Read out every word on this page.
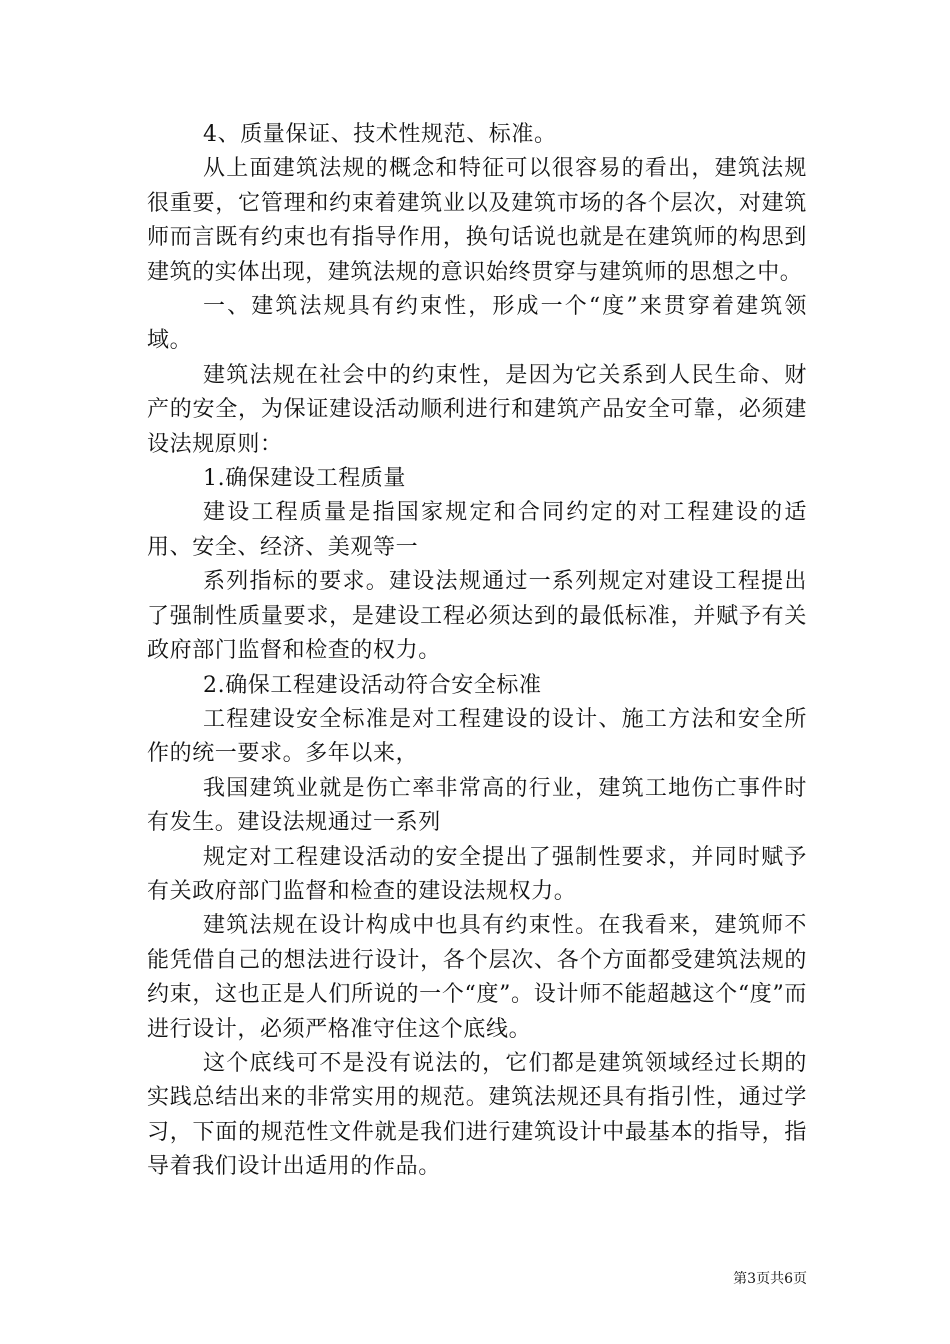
4、质量保证、技术性规范、标准。

从上面建筑法规的概念和特征可以很容易的看出，建筑法规很重要，它管理和约束着建筑业以及建筑市场的各个层次，对建筑师而言既有约束也有指导作用，换句话说也就是在建筑师的构思到建筑的实体出现，建筑法规的意识始终贯穿与建筑师的思想之中。

一、建筑法规具有约束性，形成一个“度”来贯穿着建筑领域。

建筑法规在社会中的约束性，是因为它关系到人民生命、财产的安全，为保证建设活动顺利进行和建筑产品安全可靠，必须建设法规原则：

1.确保建设工程质量

建设工程质量是指国家规定和合同约定的对工程建设的适用、安全、经济、美观等一

系列指标的要求。建设法规通过一系列规定对建设工程提出了强制性质量要求，是建设工程必须达到的最低标准，并赋予有关政府部门监督和检查的权力。

2.确保工程建设活动符合安全标准

工程建设安全标准是对工程建设的设计、施工方法和安全所作的统一要求。多年以来，

我国建筑业就是伤亡率非常高的行业，建筑工地伤亡事件时有发生。建设法规通过一系列

规定对工程建设活动的安全提出了强制性要求，并同时赋予有关政府部门监督和检查的建设法规权力。

建筑法规在设计构成中也具有约束性。在我看来，建筑师不能凭借自己的想法进行设计，各个层次、各个方面都受建筑法规的约束，这也正是人们所说的一个“度”。设计师不能超越这个“度”而进行设计，必须严格准守住这个底线。

这个底线可不是没有说法的，它们都是建筑领域经过长期的实践总结出来的非常实用的规范。建筑法规还具有指引性，通过学习，下面的规范性文件就是我们进行建筑设计中最基本的指导，指导着我们设计出适用的作品。

第3页共6页
